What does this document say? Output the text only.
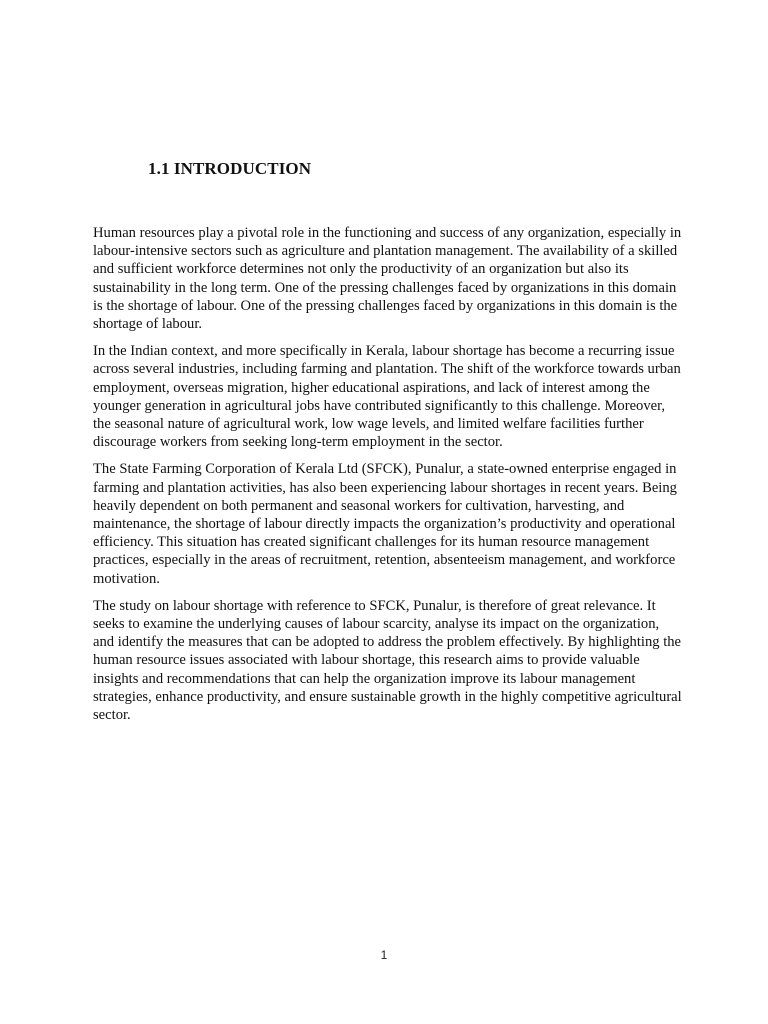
1.1 INTRODUCTION

Human resources play a pivotal role in the functioning and success of any organization, especially in labour-intensive sectors such as agriculture and plantation management. The availability of a skilled and sufficient workforce determines not only the productivity of an organization but also its sustainability in the long term. One of the pressing challenges faced by organizations in this domain is the shortage of labour. One of the pressing challenges faced by organizations in this domain is the shortage of labour.

In the Indian context, and more specifically in Kerala, labour shortage has become a recurring issue across several industries, including farming and plantation. The shift of the workforce towards urban employment, overseas migration, higher educational aspirations, and lack of interest among the younger generation in agricultural jobs have contributed significantly to this challenge. Moreover, the seasonal nature of agricultural work, low wage levels, and limited welfare facilities further discourage workers from seeking long-term employment in the sector.

The State Farming Corporation of Kerala Ltd (SFCK), Punalur, a state-owned enterprise engaged in farming and plantation activities, has also been experiencing labour shortages in recent years. Being heavily dependent on both permanent and seasonal workers for cultivation, harvesting, and maintenance, the shortage of labour directly impacts the organization’s productivity and operational efficiency. This situation has created significant challenges for its human resource management practices, especially in the areas of recruitment, retention, absenteeism management, and workforce motivation.

The study on labour shortage with reference to SFCK, Punalur, is therefore of great relevance. It seeks to examine the underlying causes of labour scarcity, analyse its impact on the organization, and identify the measures that can be adopted to address the problem effectively. By highlighting the human resource issues associated with labour shortage, this research aims to provide valuable insights and recommendations that can help the organization improve its labour management strategies, enhance productivity, and ensure sustainable growth in the highly competitive agricultural sector.

1
